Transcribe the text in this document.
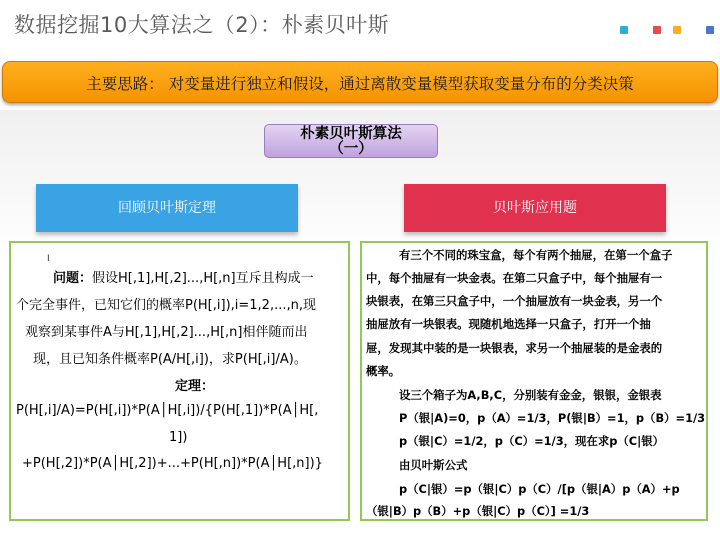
数据挖掘10大算法之（2）：朴素贝叶斯
主要思路： 对变量进行独立和假设，通过离散变量模型获取变量分布的分类决策
朴素贝叶斯算法
（一）
回顾贝叶斯定理	贝叶斯应用题
I
问题：假设H[,1],H[,2]...,H[,n]互斥且构成一
个完全事件，已知它们的概率P(H[,i]),i=1,2,...,n,现
观察到某事件A与H[,1],H[,2]...,H[,n]相伴随而出
现，且已知条件概率P(A/H[,i])，求P(H[,i]/A)。
定理：
P(H[,i]/A)=P(H[,i])*P(A│H[,i])/{P(H[,1])*P(A│H[,
1])
+P(H[,2])*P(A│H[,2])+...+P(H[,n])*P(A│H[,n])}
有三个不同的珠宝盒，每个有两个抽屉，在第一个盒子
中，每个抽屉有一块金表。在第二只盒子中，每个抽屉有一
块银表，在第三只盒子中，一个抽屉放有一块金表，另一个
抽屉放有一块银表。现随机地选择一只盒子，打开一个抽
屉，发现其中装的是一块银表，求另一个抽屉装的是金表的
概率。
设三个箱子为A,B,C，分别装有金金，银银，金银表
P（银|A)=0，p（A）=1/3，P(银|B）=1，p（B）=1/3
p（银|C）=1/2，p（C）=1/3，现在求p（C|银）
由贝叶斯公式
p（C|银）=p（银|C）p（C）/[p（银|A）p（A）+p
（银|B）p（B）+p（银|C）p（C）] =1/3
